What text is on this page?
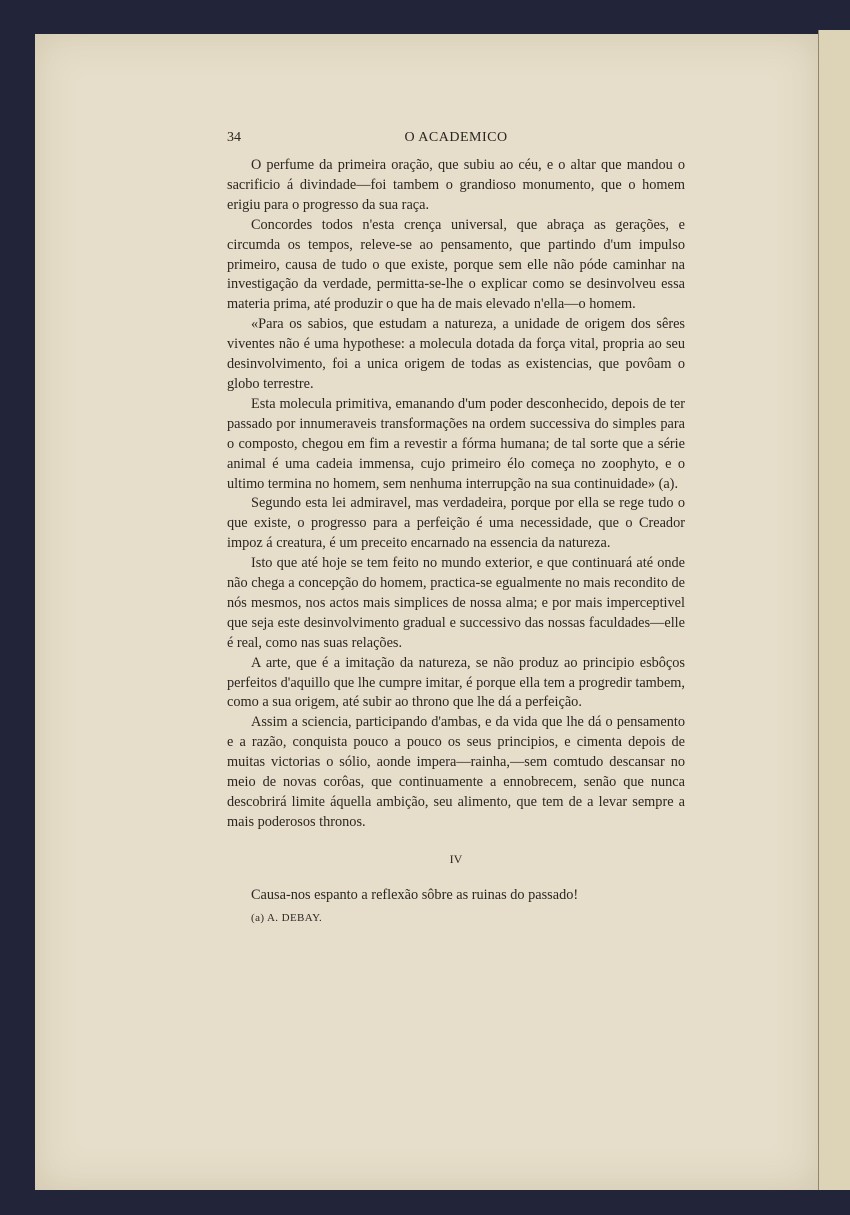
34	O ACADEMICO

O perfume da primeira oração, que subiu ao céu, e o altar que mandou o sacrificio á divindade—foi tambem o grandioso monumento, que o homem erigiu para o progresso da sua raça.

Concordes todos n'esta crença universal, que abraça as gerações, e circumda os tempos, releve-se ao pensamento, que partindo d'um impulso primeiro, causa de tudo o que existe, porque sem elle não póde caminhar na investigação da verdade, permitta-se-lhe o explicar como se desinvolveu essa materia prima, até produzir o que ha de mais elevado n'ella—o homem.

«Para os sabios, que estudam a natureza, a unidade de origem dos sêres viventes não é uma hypothese: a molecula dotada da força vital, propria ao seu desinvolvimento, foi a unica origem de todas as existencias, que povôam o globo terrestre.

Esta molecula primitiva, emanando d'um poder desconhecido, depois de ter passado por innumeraveis transformações na ordem successiva do simples para o composto, chegou em fim a revestir a fórma humana; de tal sorte que a série animal é uma cadeia immensa, cujo primeiro élo começa no zoophyto, e o ultimo termina no homem, sem nenhuma interrupção na sua continuidade» (a).

Segundo esta lei admiravel, mas verdadeira, porque por ella se rege tudo o que existe, o progresso para a perfeição é uma necessidade, que o Creador impoz á creatura, é um preceito encarnado na essencia da natureza.

Isto que até hoje se tem feito no mundo exterior, e que continuará até onde não chega a concepção do homem, practica-se egualmente no mais recondito de nós mesmos, nos actos mais simplices de nossa alma; e por mais imperceptivel que seja este desinvolvimento gradual e successivo das nossas faculdades—elle é real, como nas suas relações.

A arte, que é a imitação da natureza, se não produz ao principio esbôços perfeitos d'aquillo que lhe cumpre imitar, é porque ella tem a progredir tambem, como a sua origem, até subir ao throno que lhe dá a perfeição.

Assim a sciencia, participando d'ambas, e da vida que lhe dá o pensamento e a razão, conquista pouco a pouco os seus principios, e cimenta depois de muitas victorias o sólio, aonde impera—rainha,—sem comtudo descansar no meio de novas corôas, que continuamente a ennobrecem, senão que nunca descobrirá limite áquella ambição, seu alimento, que tem de a levar sempre a mais poderosos thronos.

IV
Causa-nos espanto a reflexão sôbre as ruinas do passado!
(a) A. DEBAY.
